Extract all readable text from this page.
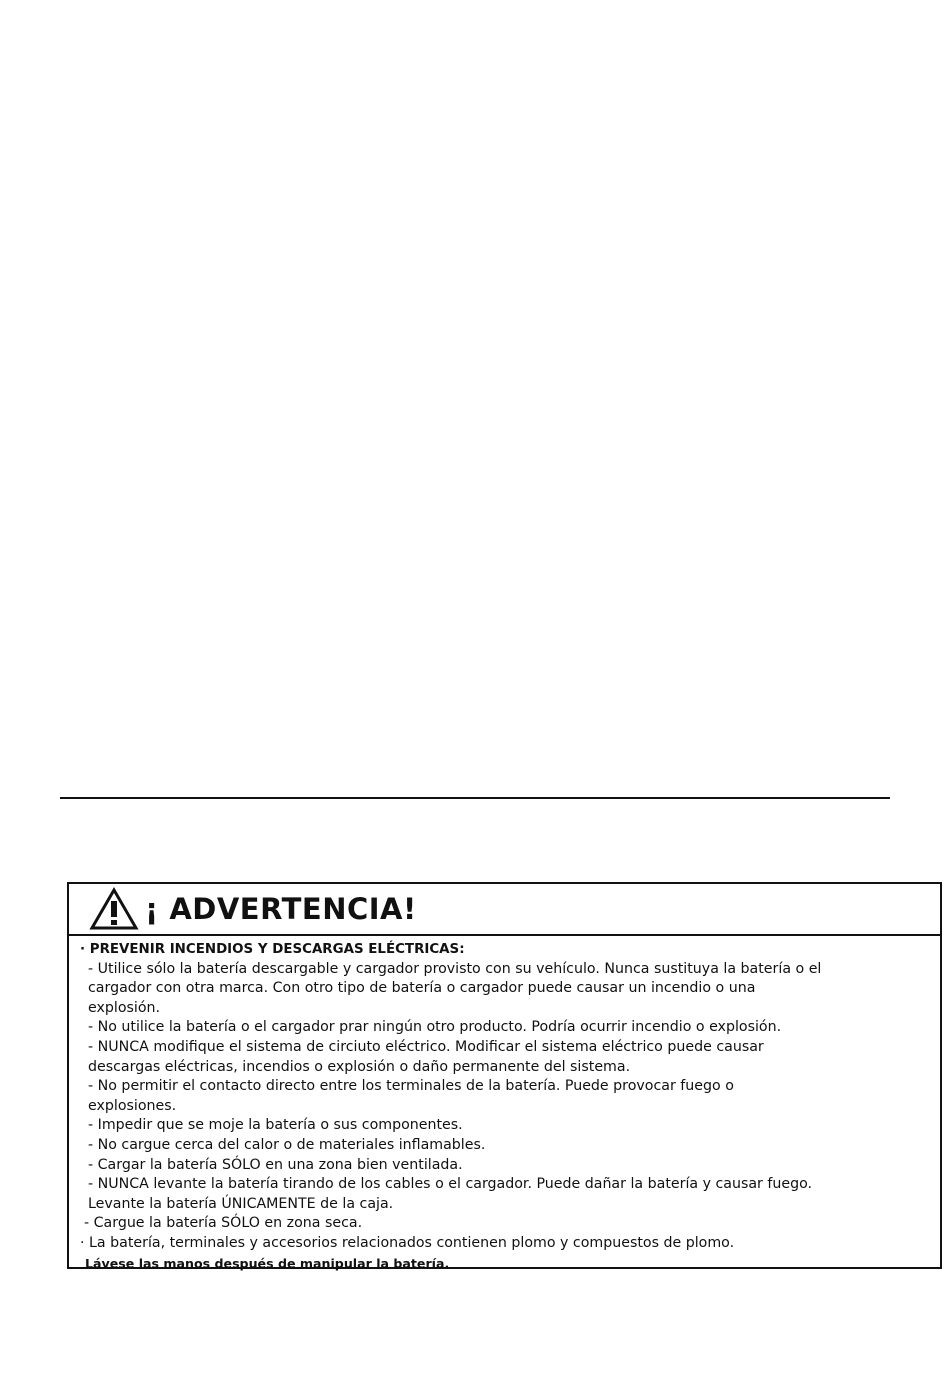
¡ ADVERTENCIA!
· PREVENIR INCENDIOS Y DESCARGAS ELÉCTRICAS:
- Utilice sólo la batería descargable y cargador provisto con su vehículo. Nunca sustituya la batería o el
cargador con otra marca. Con otro tipo de batería o cargador puede causar un incendio o una
explosión.
- No utilice la batería o el cargador prar ningún otro producto. Podría ocurrir incendio o explosión.
- NUNCA modifique el sistema de circiuto eléctrico. Modificar el sistema eléctrico puede causar
descargas eléctricas, incendios o explosión o daño permanente del sistema.
- No permitir el contacto directo entre los terminales de la batería. Puede provocar fuego o
explosiones.
- Impedir que se moje la batería o sus componentes.
- No cargue cerca del calor o de materiales inflamables.
- Cargar la batería SÓLO en una zona bien ventilada.
- NUNCA levante la batería tirando de los cables o el cargador. Puede dañar la batería y causar fuego.
Levante la batería ÚNICAMENTE de la caja.
- Cargue la batería SÓLO en zona seca.
· La batería, terminales y accesorios relacionados contienen plomo y compuestos de plomo.
Lávese las manos después de manipular la batería.
